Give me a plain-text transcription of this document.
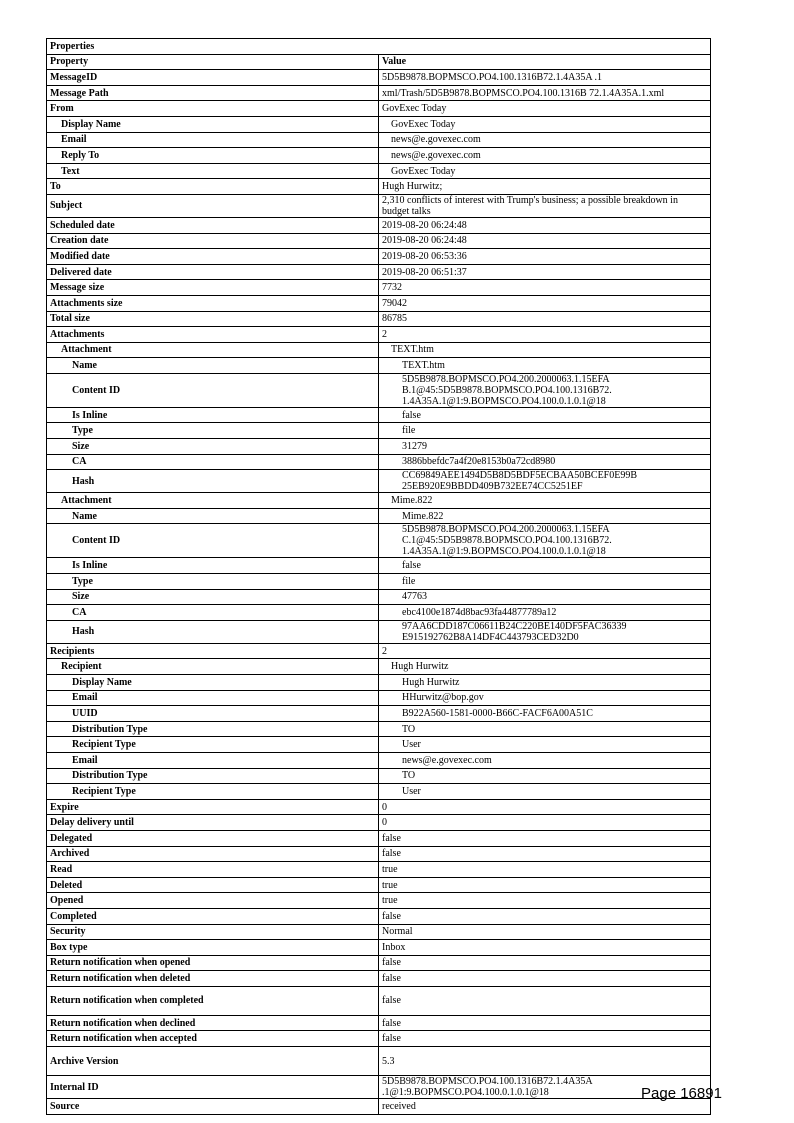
Properties	
Property	Value
MessageID	5D5B9878.BOPMSCO.PO4.100.1316B72.1.4A35A .1
Message Path	xml/Trash/5D5B9878.BOPMSCO.PO4.100.1316B 72.1.4A35A.1.xml
From	GovExec Today
Display Name	GovExec Today
Email	news@e.govexec.com
Reply To	news@e.govexec.com
Text	GovExec Today
To	Hugh Hurwitz;
Subject	2,310 conflicts of interest with Trump's business; a possible breakdown in budget talks
Scheduled date	2019-08-20 06:24:48
Creation date	2019-08-20 06:24:48
Modified date	2019-08-20 06:53:36
Delivered date	2019-08-20 06:51:37
Message size	7732
Attachments size	79042
Total size	86785
Attachments	2
Attachment	TEXT.htm
Name	TEXT.htm
Content ID	5D5B9878.BOPMSCO.PO4.200.2000063.1.15EFA B.1@45:5D5B9878.BOPMSCO.PO4.100.1316B72. 1.4A35A.1@1:9.BOPMSCO.PO4.100.0.1.0.1@18
Is Inline	false
Type	file
Size	31279
CA	3886bbefdc7a4f20e8153b0a72cd8980
Hash	CC69849AEE1494D5B8D5BDF5ECBAA50BCEF0E99B 25EB920E9BBDD409B732EE74CC5251EF
Attachment	Mime.822
Name	Mime.822
Content ID	5D5B9878.BOPMSCO.PO4.200.2000063.1.15EFA C.1@45:5D5B9878.BOPMSCO.PO4.100.1316B72. 1.4A35A.1@1:9.BOPMSCO.PO4.100.0.1.0.1@18
Is Inline	false
Type	file
Size	47763
CA	ebc4100e1874d8bac93fa44877789a12
Hash	97AA6CDD187C06611B24C220BE140DF5FAC36339 E915192762B8A14DF4C443793CED32D0
Recipients	2
Recipient	Hugh Hurwitz
Display Name	Hugh Hurwitz
Email	HHurwitz@bop.gov
UUID	B922A560-1581-0000-B66C-FACF6A00A51C
Distribution Type	TO
Recipient Type	User
Email	news@e.govexec.com
Distribution Type	TO
Recipient Type	User
Expire	0
Delay delivery until	0
Delegated	false
Archived	false
Read	true
Deleted	true
Opened	true
Completed	false
Security	Normal
Box type	Inbox
Return notification when opened	false
Return notification when deleted	false
Return notification when completed	false
Return notification when declined	false
Return notification when accepted	false
Archive Version	5.3
Internal ID	5D5B9878.BOPMSCO.PO4.100.1316B72.1.4A35A .1@1:9.BOPMSCO.PO4.100.0.1.0.1@18
Source	received
Page 16891
